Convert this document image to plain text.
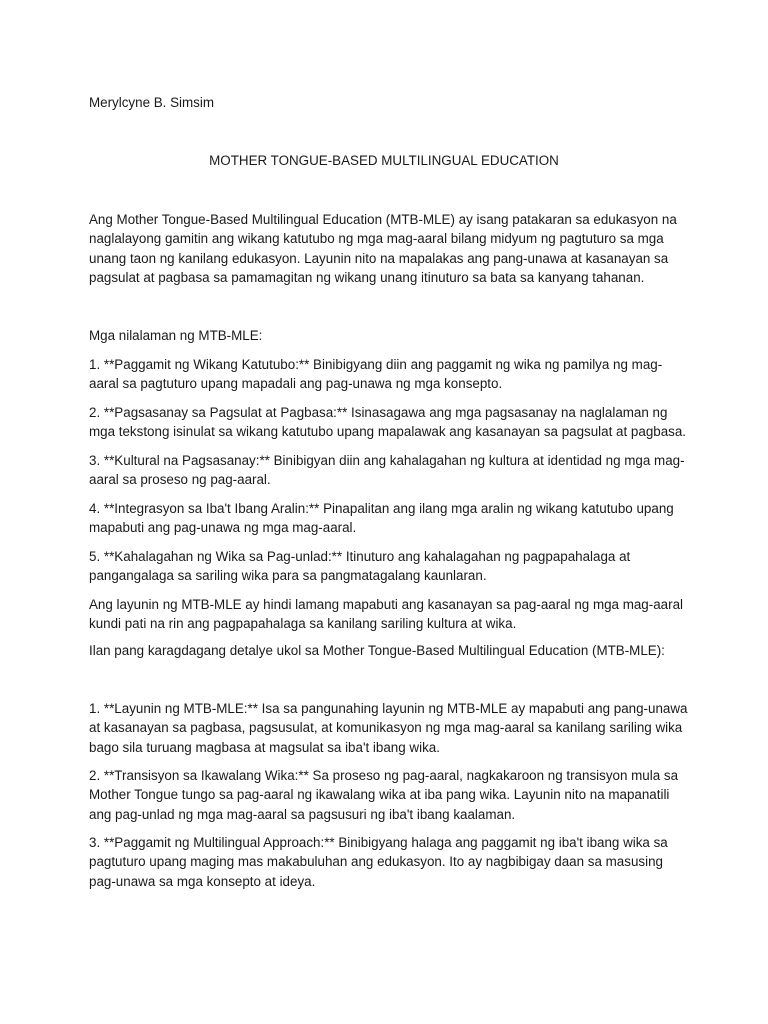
Merylcyne B. Simsim

MOTHER TONGUE-BASED MULTILINGUAL EDUCATION

Ang Mother Tongue-Based Multilingual Education (MTB-MLE) ay isang patakaran sa edukasyon na naglalayong gamitin ang wikang katutubo ng mga mag-aaral bilang midyum ng pagtuturo sa mga unang taon ng kanilang edukasyon. Layunin nito na mapalakas ang pang-unawa at kasanayan sa pagsulat at pagbasa sa pamamagitan ng wikang unang itinuturo sa bata sa kanyang tahanan.

Mga nilalaman ng MTB-MLE:

1. **Paggamit ng Wikang Katutubo:** Binibigyang diin ang paggamit ng wika ng pamilya ng mag-aaral sa pagtuturo upang mapadali ang pag-unawa ng mga konsepto.

2. **Pagsasanay sa Pagsulat at Pagbasa:** Isinasagawa ang mga pagsasanay na naglalaman ng mga tekstong isinulat sa wikang katutubo upang mapalawak ang kasanayan sa pagsulat at pagbasa.

3. **Kultural na Pagsasanay:** Binibigyan diin ang kahalagahan ng kultura at identidad ng mga mag-aaral sa proseso ng pag-aaral.

4. **Integrasyon sa Iba't Ibang Aralin:** Pinapalitan ang ilang mga aralin ng wikang katutubo upang mapabuti ang pag-unawa ng mga mag-aaral.

5. **Kahalagahan ng Wika sa Pag-unlad:** Itinuturo ang kahalagahan ng pagpapahalaga at pangangalaga sa sariling wika para sa pangmatagalang kaunlaran.

Ang layunin ng MTB-MLE ay hindi lamang mapabuti ang kasanayan sa pag-aaral ng mga mag-aaral kundi pati na rin ang pagpapahalaga sa kanilang sariling kultura at wika.

Ilan pang karagdagang detalye ukol sa Mother Tongue-Based Multilingual Education (MTB-MLE):

1. **Layunin ng MTB-MLE:** Isa sa pangunahing layunin ng MTB-MLE ay mapabuti ang pang-unawa at kasanayan sa pagbasa, pagsusulat, at komunikasyon ng mga mag-aaral sa kanilang sariling wika bago sila turuang magbasa at magsulat sa iba't ibang wika.

2. **Transisyon sa Ikawalang Wika:** Sa proseso ng pag-aaral, nagkakaroon ng transisyon mula sa Mother Tongue tungo sa pag-aaral ng ikawalang wika at iba pang wika. Layunin nito na mapanatili ang pag-unlad ng mga mag-aaral sa pagsusuri ng iba't ibang kaalaman.

3. **Paggamit ng Multilingual Approach:** Binibigyang halaga ang paggamit ng iba't ibang wika sa pagtuturo upang maging mas makabuluhan ang edukasyon. Ito ay nagbibigay daan sa masusing pag-unawa sa mga konsepto at ideya.
